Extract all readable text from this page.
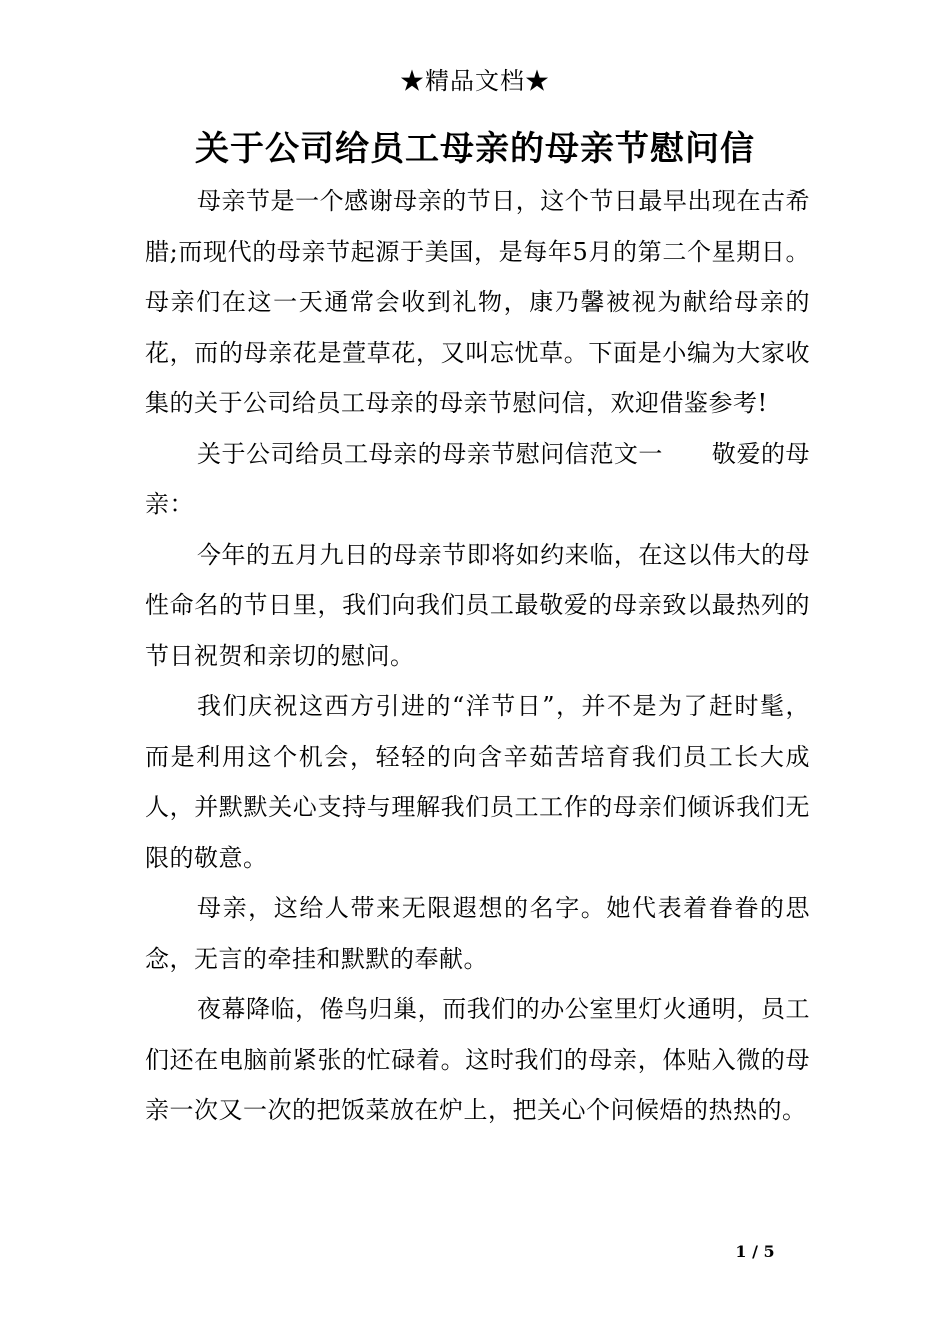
★精品文档★
关于公司给员工母亲的母亲节慰问信

母亲节是一个感谢母亲的节日，这个节日最早出现在古希腊;而现代的母亲节起源于美国，是每年5月的第二个星期日。母亲们在这一天通常会收到礼物，康乃馨被视为献给母亲的花，而的母亲花是萱草花，又叫忘忧草。下面是小编为大家收集的关于公司给员工母亲的母亲节慰问信，欢迎借鉴参考!

关于公司给员工母亲的母亲节慰问信范文一　　敬爱的母亲：

今年的五月九日的母亲节即将如约来临，在这以伟大的母性命名的节日里，我们向我们员工最敬爱的母亲致以最热列的节日祝贺和亲切的慰问。

我们庆祝这西方引进的“洋节日”，并不是为了赶时髦，而是利用这个机会，轻轻的向含辛茹苦培育我们员工长大成人，并默默关心支持与理解我们员工工作的母亲们倾诉我们无限的敬意。

母亲，这给人带来无限遐想的名字。她代表着眷眷的思念，无言的牵挂和默默的奉献。

夜幕降临，倦鸟归巢，而我们的办公室里灯火通明，员工们还在电脑前紧张的忙碌着。这时我们的母亲，体贴入微的母亲一次又一次的把饭菜放在炉上，把关心个问候焐的热热的。

1 / 5
